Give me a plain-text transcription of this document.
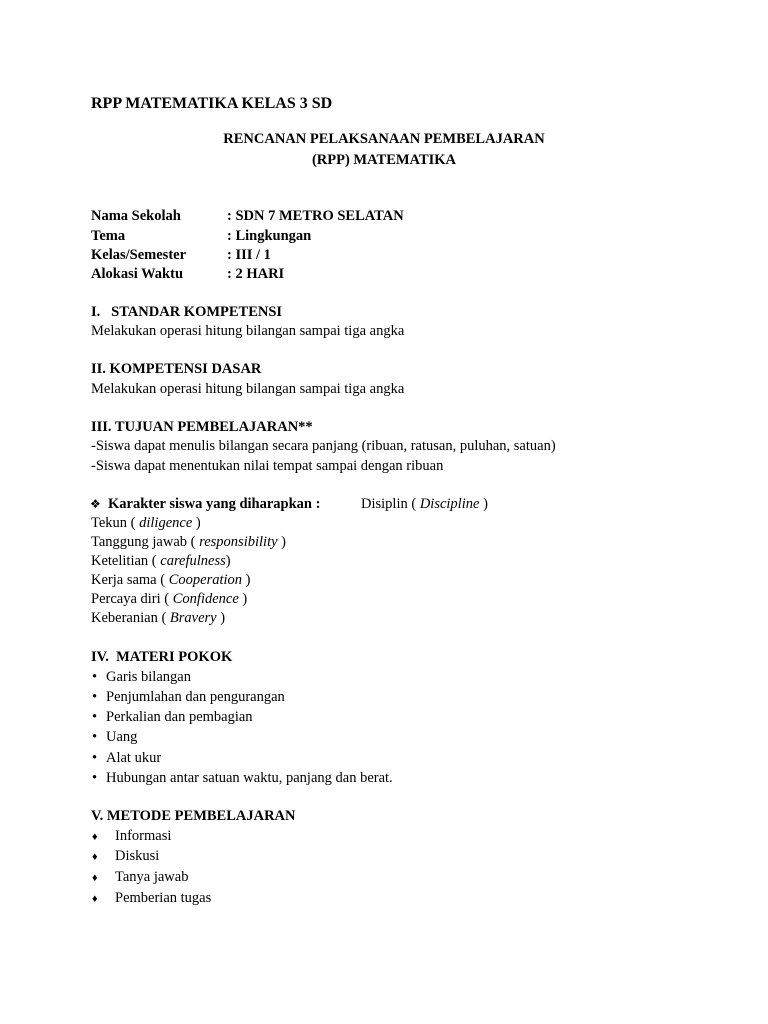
RPP MATEMATIKA KELAS 3 SD
RENCANAN PELAKSANAAN PEMBELAJARAN
(RPP) MATEMATIKA
Nama Sekolah	: SDN 7 METRO SELATAN
Tema	: Lingkungan
Kelas/Semester	: III / 1
Alokasi Waktu	: 2 HARI
I.   STANDAR KOMPETENSI
Melakukan operasi hitung bilangan sampai tiga angka
II. KOMPETENSI DASAR
Melakukan operasi hitung bilangan sampai tiga angka
III. TUJUAN PEMBELAJARAN**
-Siswa dapat menulis bilangan secara panjang (ribuan, ratusan, puluhan, satuan)
-Siswa dapat menentukan nilai tempat sampai dengan ribuan
❖ Karakter siswa yang diharapkan :	Disiplin ( Discipline )
Tekun ( diligence )
Tanggung jawab ( responsibility )
Ketelitian ( carefulness)
Kerja sama ( Cooperation )
Percaya diri ( Confidence )
Keberanian ( Bravery )
IV.  MATERI POKOK
• Garis bilangan
• Penjumlahan dan pengurangan
• Perkalian dan pembagian
• Uang
• Alat ukur
• Hubungan antar satuan waktu, panjang dan berat.
V. METODE PEMBELAJARAN
♦ Informasi
♦ Diskusi
♦ Tanya jawab
♦ Pemberian tugas
